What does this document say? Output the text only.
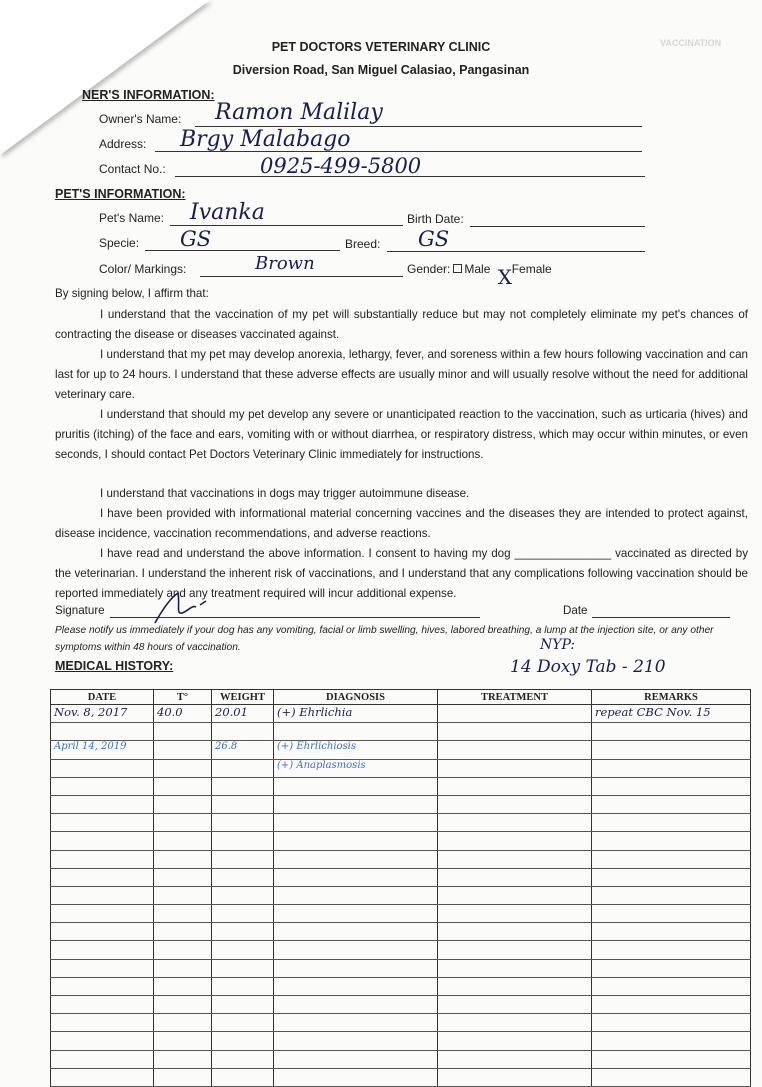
VACCINATION
PET DOCTORS VETERINARY CLINIC
Diversion Road, San Miguel Calasiao, Pangasinan
NER'S INFORMATION:
Owner's Name: Ramon Malilay
Address: Brgy Malabago
Contact No.:	0925-499-5800
PET'S INFORMATION:
Pet's Name: Ivanka	Birth Date:
Specie: GS	Breed: GS
Color/ Markings:	Brown	Gender: Male X Female
By signing below, I affirm that:
I understand that the vaccination of my pet will substantially reduce but may not completely eliminate my pet's chances of contracting the disease or diseases vaccinated against.
I understand that my pet may develop anorexia, lethargy, fever, and soreness within a few hours following vaccination and can last for up to 24 hours. I understand that these adverse effects are usually minor and will usually resolve without the need for additional veterinary care.
I understand that should my pet develop any severe or unanticipated reaction to the vaccination, such as urticaria (hives) and pruritis (itching) of the face and ears, vomiting with or without diarrhea, or respiratory distress, which may occur within minutes, or even seconds, I should contact Pet Doctors Veterinary Clinic immediately for instructions.
I understand that vaccinations in dogs may trigger autoimmune disease.
I have been provided with informational material concerning vaccines and the diseases they are intended to protect against, disease incidence, vaccination recommendations, and adverse reactions.
I have read and understand the above information. I consent to having my dog _______________ vaccinated as directed by the veterinarian. I understand the inherent risk of vaccinations, and I understand that any complications following vaccination should be reported immediately and any treatment required will incur additional expense.
Signature	Date
Please notify us immediately if your dog has any vomiting, facial or limb swelling, hives, labored breathing, a lump at the injection site, or any other symptoms within 48 hours of vaccination.
MEDICAL HISTORY:
NYP:
14 Doxy Tab - 210
DATE	T°	WEIGHT	DIAGNOSIS	TREATMENT	REMARKS

Nov. 8, 2017	40.0	20.01	(+) Ehrlichia		repeat CBC Nov. 15

April 14, 2019		26.8	(+) Ehrlichiosis		

			(+) Anaplasmosis		
